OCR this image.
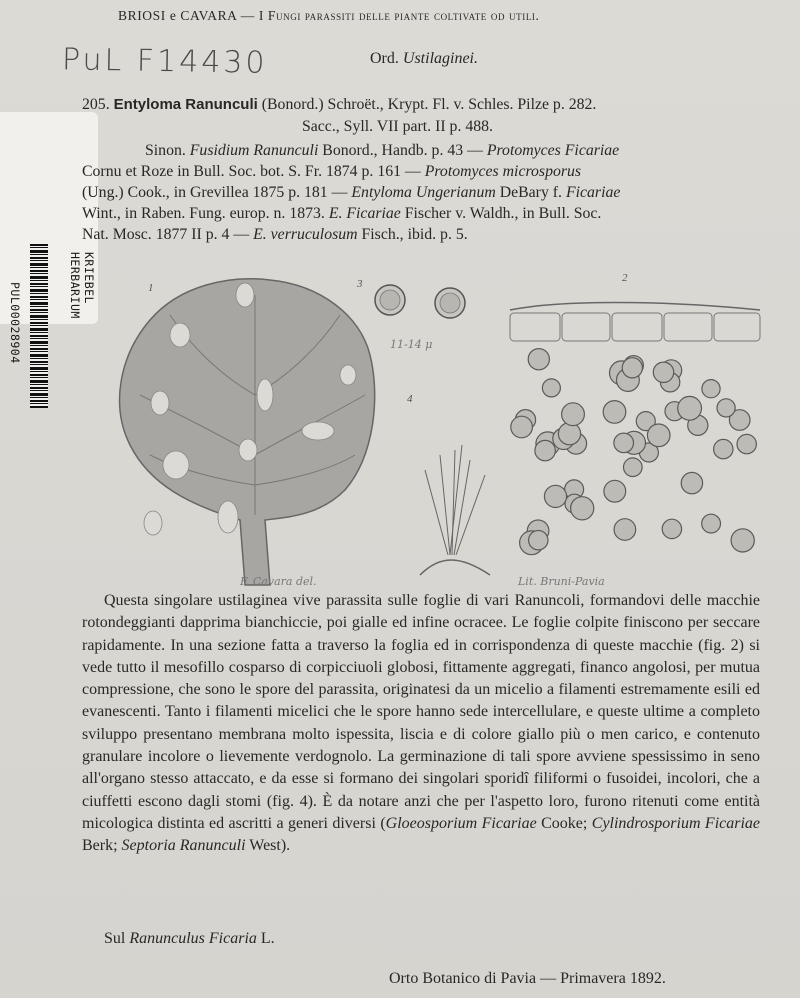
BRIOSI e CAVARA — I Fungi parassiti delle piante coltivate od utili.
PuL F14430	Ord. Ustilaginei.
KRIEBEL HERBARIUM
PUL00028904
205. Entyloma Ranunculi (Bonord.) Schroët., Krypt. Fl. v. Schles. Pilze p. 282.
Sacc., Syll. VII part. II p. 488.
Sinon. Fusidium Ranunculi Bonord., Handb. p. 43 — Protomyces Ficariae
Cornu et Roze in Bull. Soc. bot. S. Fr. 1874 p. 161 — Protomyces microsporus
(Ung.) Cook., in Grevillea 1875 p. 181 — Entyloma Ungerianum DeBary f. Ficariae
Wint., in Raben. Fung. europ. n. 1873. E. Ficariae Fischer v. Waldh., in Bull. Soc.
Nat. Mosc. 1877 II p. 4 — E. verruculosum Fisch., ibid. p. 5.
1	3	2
4
11-14 μ
F. Cavara del.	Lit. Bruni-Pavia

Questa singolare ustilaginea vive parassita sulle foglie di vari Ranuncoli, formandovi delle macchie rotondeggianti dapprima bianchiccie, poi gialle ed infine ocracee. Le foglie colpite finiscono per seccare rapidamente. In una sezione fatta a traverso la foglia ed in corrispondenza di queste macchie (fig. 2) si vede tutto il mesofillo cosparso di corpicciuoli globosi, fittamente aggregati, financo angolosi, per mutua compressione, che sono le spore del parassita, originatesi da un micelio a filamenti estremamente esili ed evanescenti. Tanto i filamenti micelici che le spore hanno sede intercellulare, e queste ultime a completo sviluppo presentano membrana molto ispessita, liscia e di colore giallo più o men carico, e contenuto granulare incolore o lievemente verdognolo. La germinazione di tali spore avviene spessissimo in seno all'organo stesso attaccato, e da esse si formano dei singolari sporidî filiformi o fusoidei, incolori, che a ciuffetti escono dagli stomi (fig. 4). È da notare anzi che per l'aspetto loro, furono ritenuti come entità micologica distinta ed ascritti a generi diversi (Gloeosporium Ficariae Cooke; Cylindrosporium Ficariae Berk; Septoria Ranunculi West).

Sul Ranunculus Ficaria L.
Orto Botanico di Pavia — Primavera 1892.
